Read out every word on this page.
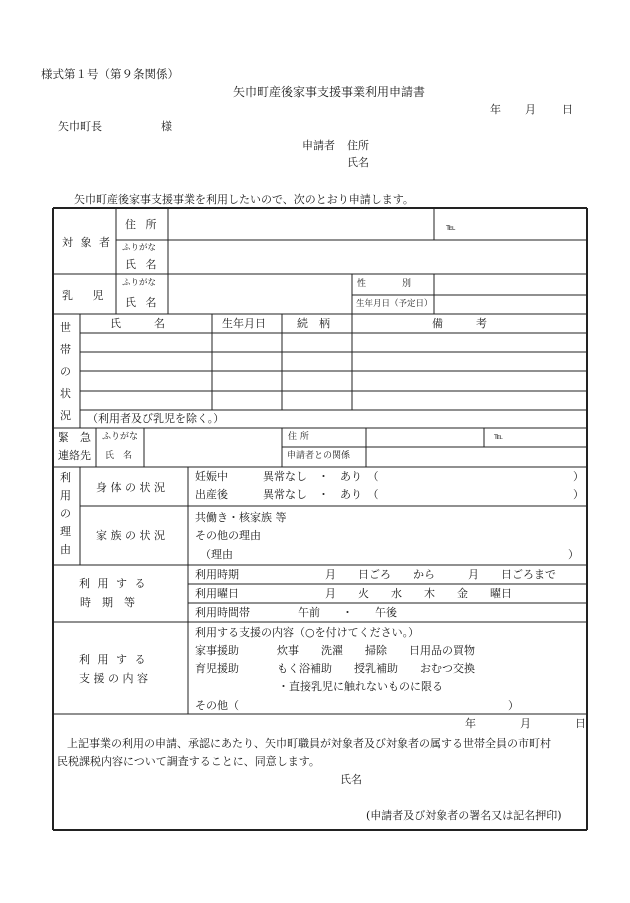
様式第１号（第９条関係）
矢巾町産後家事支援事業利用申請書
年 月 日
矢巾町長	様
申請者 住所
氏名
矢巾町産後家事支援事業を利用したいので、次のとおり申請します。
対 象 者
住 所	℡
ふりがな
氏 名
乳 児
ふりがな
氏 名
性　　　　別
生年月日（予定日）
世
帯
の
状
況
氏　　　名	生年月日	続　柄	備　　　考
（利用者及び乳児を除く。）
緊　急
連絡先
ふりがな
氏　名
住 所	℡
申請者との関係
利
用
の
理
由
身 体 の 状 況
妊娠中	異常なし　・　あり　（	）
出産後	異常なし　・　あり　（	）
家 族 の 状 況
共働き・核家族 等
その他の理由
（理由	）
利 用 す る
時　期　等
利用時期	月　　日ごろ　　から　　　月　　日ごろまで
利用曜日	月　　火　　水　　木　　金　　曜日
利用時間帯	午前　　・　　午後
利 用 す る
支 援 の 内 容
利用する支援の内容（○を付けてください。）
家事援助	炊事　　洗濯　　掃除　　日用品の買物
育児援助	もく浴補助　　授乳補助　　おむつ交換
・直接乳児に触れないものに限る
その他（	）
年　　　　月　　　　日
上記事業の利用の申請、承認にあたり、矢巾町職員が対象者及び対象者の属する世帯全員の市町村
民税課税内容について調査することに、同意します。
氏名
(申請者及び対象者の署名又は記名押印)
